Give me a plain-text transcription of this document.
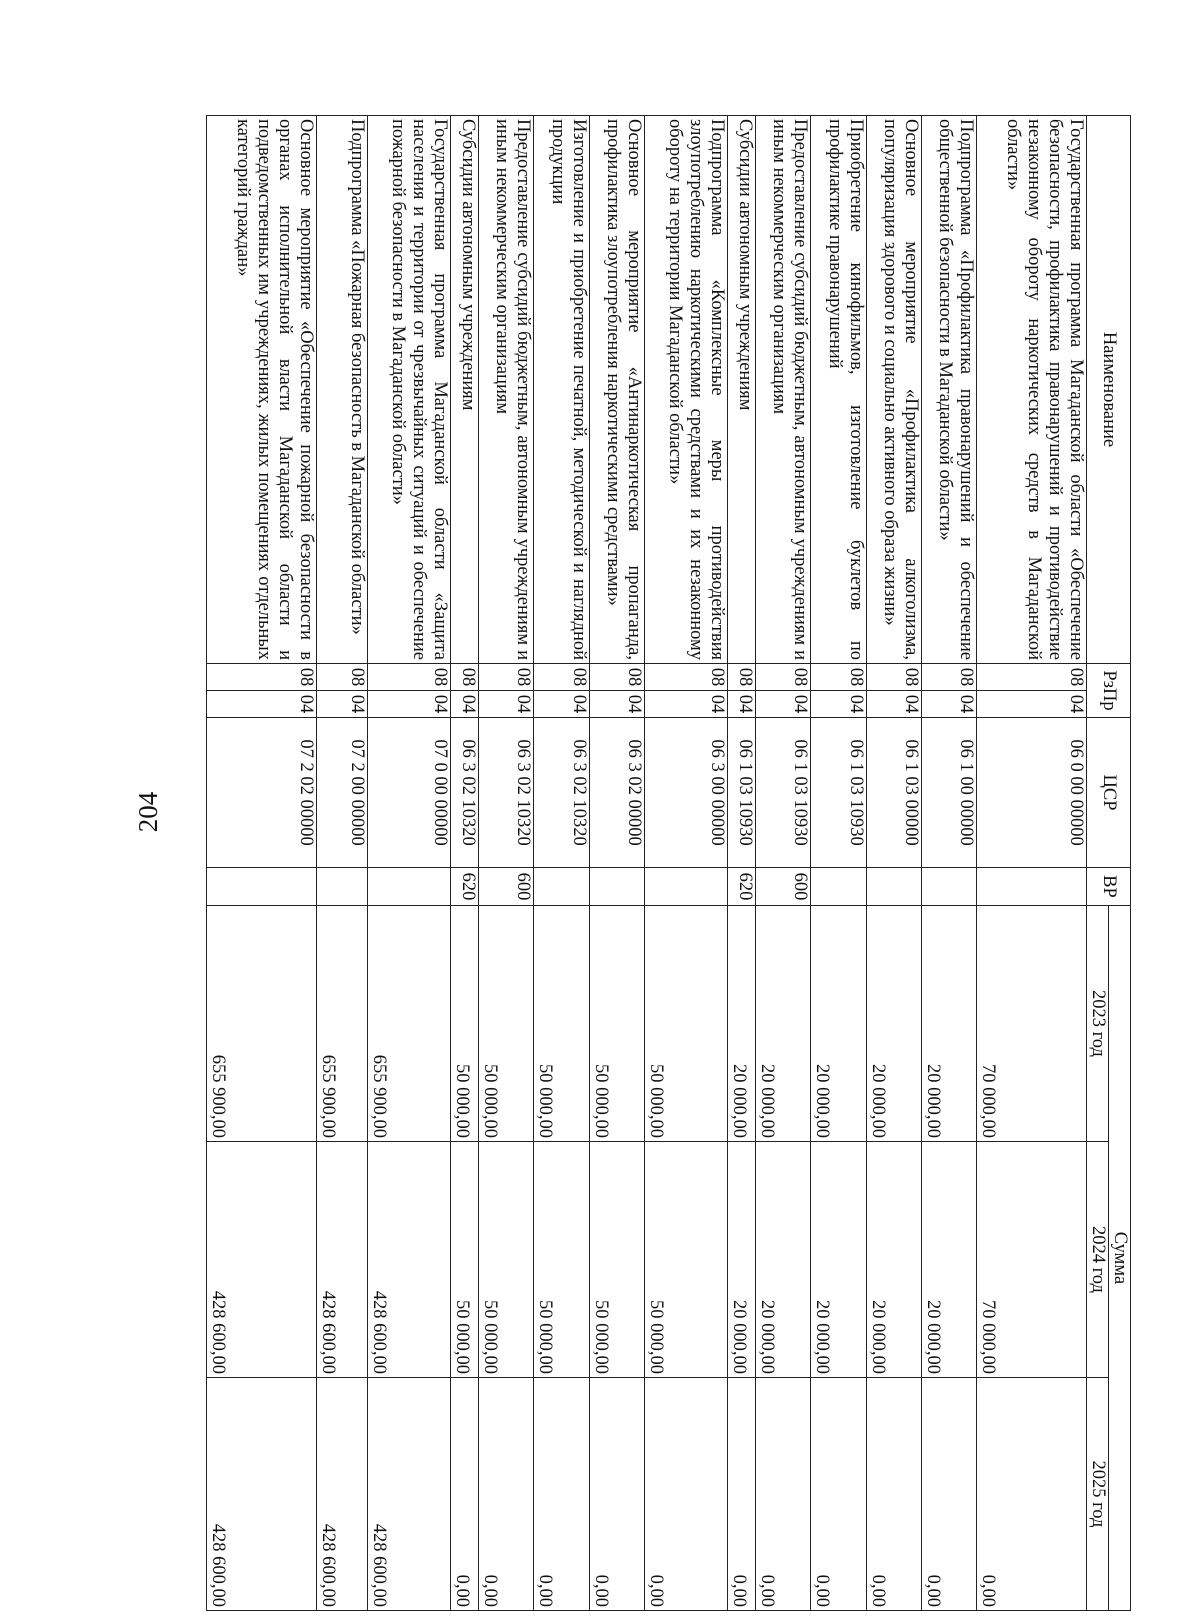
204
Наименование	РзПр		ЦСР	ВР	Сумма		
					2023 год	2024 год	2025 год
Государственная программа Магаданской области «Обеспечение безопасности, профилактика правонарушений и противодействие незаконному обороту наркотических средств в Магаданской области»	08	04	06 0 00 00000		70 000,00	70 000,00	0,00
Подпрограмма «Профилактика правонарушений и обеспечение общественной безопасности в Магаданской области»	08	04	06 1 00 00000		20 000,00	20 000,00	0,00
Основное мероприятие «Профилактика алкоголизма, популяризация здорового и социально активного образа жизни»	08	04	06 1 03 00000		20 000,00	20 000,00	0,00
Приобретение кинофильмов, изготовление буклетов по профилактике правонарушений	08	04	06 1 03 10930		20 000,00	20 000,00	0,00
Предоставление субсидий бюджетным, автономным учреждениям и иным некоммерческим организациям	08	04	06 1 03 10930	600	20 000,00	20 000,00	0,00
Субсидии автономным учреждениям	08	04	06 1 03 10930	620	20 000,00	20 000,00	0,00
Подпрограмма «Комплексные меры противодействия злоупотреблению наркотическими средствами и их незаконному обороту на территории Магаданской области»	08	04	06 3 00 00000		50 000,00	50 000,00	0,00
Основное мероприятие «Антинаркотическая пропаганда, профилактика злоупотребления наркотическими средствами»	08	04	06 3 02 00000		50 000,00	50 000,00	0,00
Изготовление и приобретение печатной, методической и наглядной продукции	08	04	06 3 02 10320		50 000,00	50 000,00	0,00
Предоставление субсидий бюджетным, автономным учреждениям и иным некоммерческим организациям	08	04	06 3 02 10320	600	50 000,00	50 000,00	0,00
Субсидии автономным учреждениям	08	04	06 3 02 10320	620	50 000,00	50 000,00	0,00
Государственная программа Магаданской области «Защита населения и территории от чрезвычайных ситуаций и обеспечение пожарной безопасности в Магаданской области»	08	04	07 0 00 00000		655 900,00	428 600,00	428 600,00
Подпрограмма «Пожарная безопасность в Магаданской области»	08	04	07 2 00 00000		655 900,00	428 600,00	428 600,00
Основное мероприятие «Обеспечение пожарной безопасности в органах исполнительной власти Магаданской области и подведомственных им учреждениях, жилых помещениях отдельных категорий граждан»	08	04	07 2 02 00000		655 900,00	428 600,00	428 600,00
